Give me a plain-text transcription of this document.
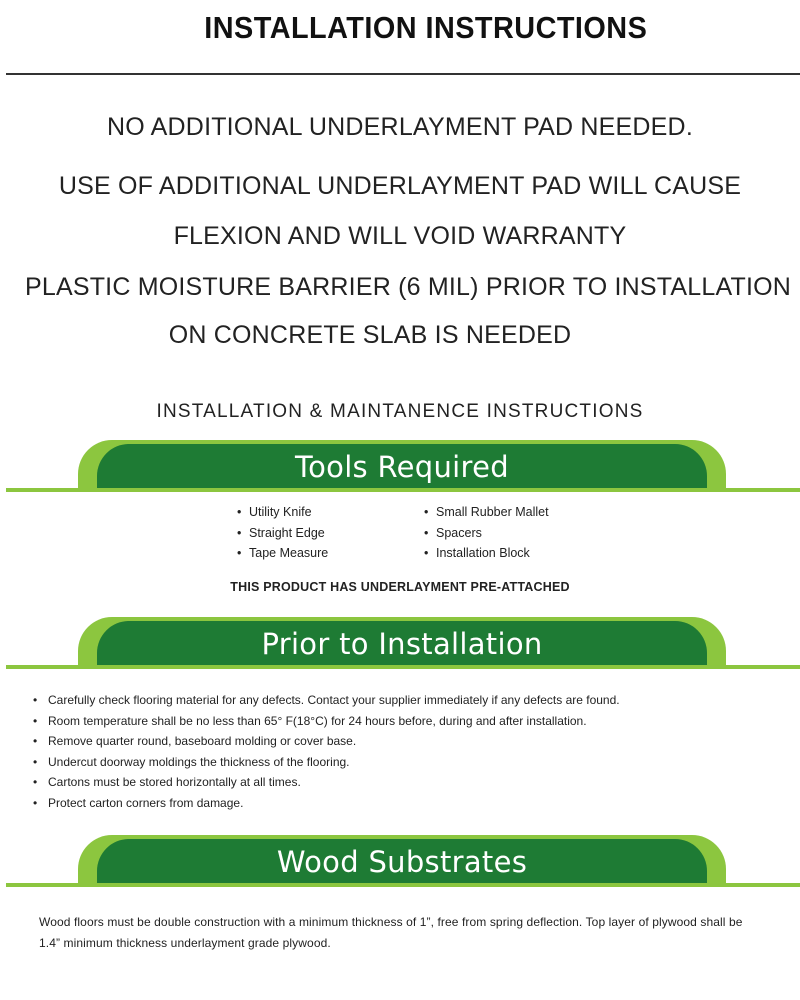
INSTALLATION INSTRUCTIONS
NO ADDITIONAL UNDERLAYMENT PAD NEEDED.
USE OF ADDITIONAL UNDERLAYMENT PAD WILL CAUSE
FLEXION AND WILL VOID WARRANTY
PLASTIC MOISTURE BARRIER (6 MIL) PRIOR TO INSTALLATION
ON CONCRETE SLAB IS NEEDED
INSTALLATION & MAINTANENCE INSTRUCTIONS
Tools Required
• Utility Knife
• Straight Edge
• Tape Measure
• Small Rubber Mallet
• Spacers
• Installation Block
THIS PRODUCT HAS UNDERLAYMENT PRE-ATTACHED
Prior to Installation
• Carefully check flooring material for any defects. Contact your supplier immediately if any defects are found.
• Room temperature shall be no less than 65° F(18°C) for 24 hours before, during and after installation.
• Remove quarter round, baseboard molding or cover base.
• Undercut doorway moldings the thickness of the flooring.
• Cartons must be stored horizontally at all times.
• Protect carton corners from damage.
Wood Substrates
Wood floors must be double construction with a minimum thickness of 1”, free from spring deflection. Top layer of plywood shall be 1.4” minimum thickness underlayment grade plywood.
